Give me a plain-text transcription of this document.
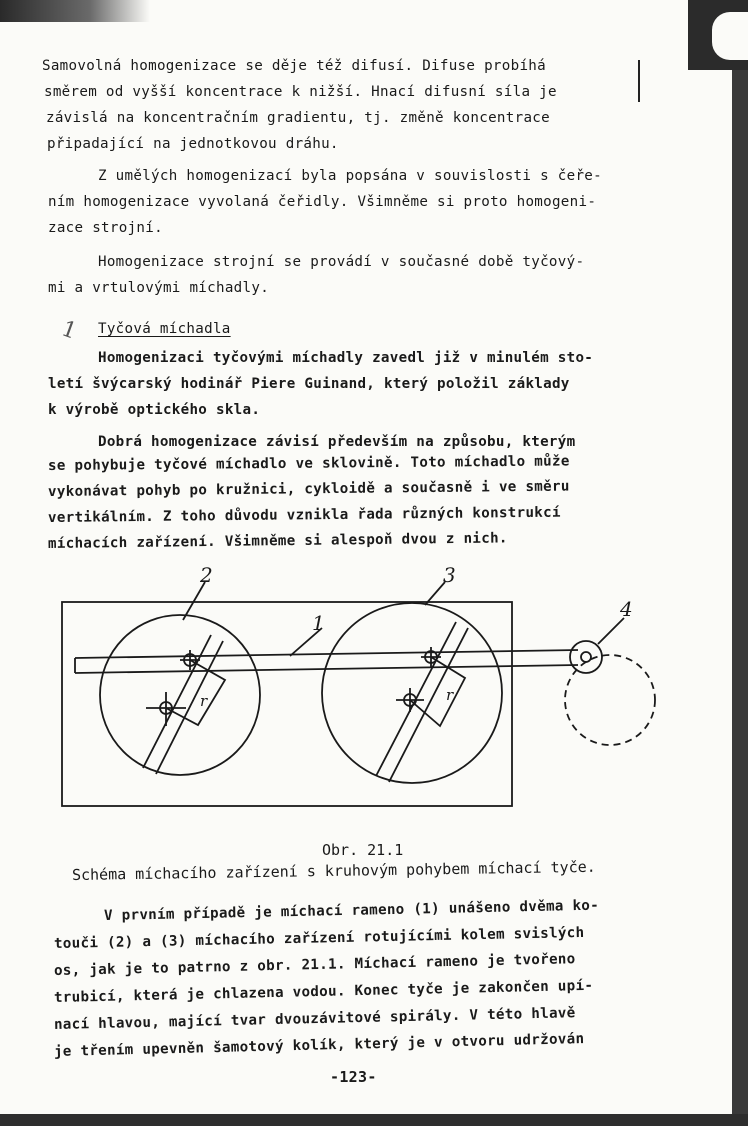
Samovolná homogenizace se děje též difusí. Difuse probíhá
směrem od vyšší koncentrace k nižší. Hnací difusní síla je
závislá na koncentračním gradientu, tj. změně koncentrace
připadající na jednotkovou dráhu.
Z umělých homogenizací byla popsána v souvislosti s čeře-
ním homogenizace vyvolaná čeřidly. Všimněme si proto homogeni-
zace strojní.
Homogenizace strojní se provádí v současné době tyčový-
mi a vrtulovými míchadly.
1 Tyčová míchadla
Homogenizaci tyčovými míchadly zavedl již v minulém sto-
letí švýcarský hodinář Piere Guinand, který položil základy
k výrobě optického skla.
Dobrá homogenizace závisí především na způsobu, kterým
se pohybuje tyčové míchadlo ve sklovině. Toto míchadlo může
vykonávat pohyb po kružnici, cykloidě a současně i ve směru
vertikálním. Z toho důvodu vznikla řada různých konstrukcí
míchacích zařízení. Všimněme si alespoň dvou z nich.
2	3
1
4
r	r
Obr. 21.1
Schéma míchacího zařízení s kruhovým pohybem míchací tyče.
V prvním případě je míchací rameno (1) unášeno dvěma ko-
touči (2) a (3) míchacího zařízení rotujícími kolem svislých
os, jak je to patrno z obr. 21.1. Míchací rameno je tvořeno
trubicí, která je chlazena vodou. Konec tyče je zakončen upí-
nací hlavou, mající tvar dvouzávitové spirály. V této hlavě
je třením upevněn šamotový kolík, který je v otvoru udržován
-123-
